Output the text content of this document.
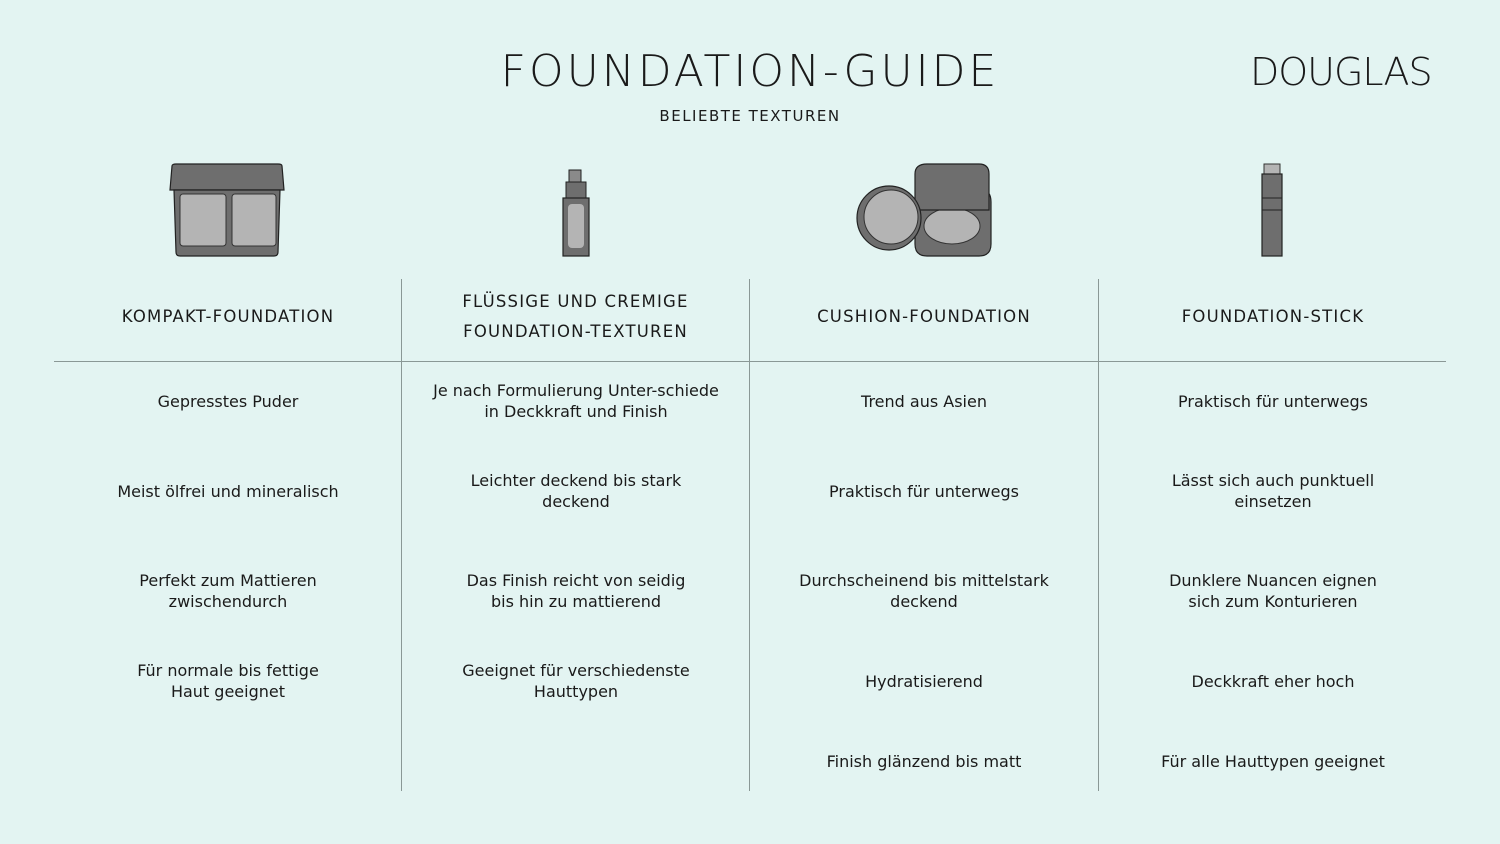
FOUNDATION-GUIDE
BELIEBTE TEXTUREN
DOUGLAS
KOMPAKT-FOUNDATION
FLÜSSIGE UND CREMIGE FOUNDATION-TEXTUREN
CUSHION-FOUNDATION	FOUNDATION-STICK
Gepresstes Puder
Meist ölfrei und mineralisch
Perfekt zum Mattieren zwischendurch
Für normale bis fettige Haut geeignet
Je nach Formulierung Unter-schiede in Deckkraft und Finish
Leichter deckend bis stark deckend
Das Finish reicht von seidig bis hin zu mattierend
Geeignet für verschiedenste Hauttypen
Trend aus Asien
Praktisch für unterwegs
Durchscheinend bis mittelstark deckend
Hydratisierend
Finish glänzend bis matt
Praktisch für unterwegs
Lässt sich auch punktuell einsetzen
Dunklere Nuancen eignen sich zum Konturieren
Deckkraft eher hoch
Für alle Hauttypen geeignet
